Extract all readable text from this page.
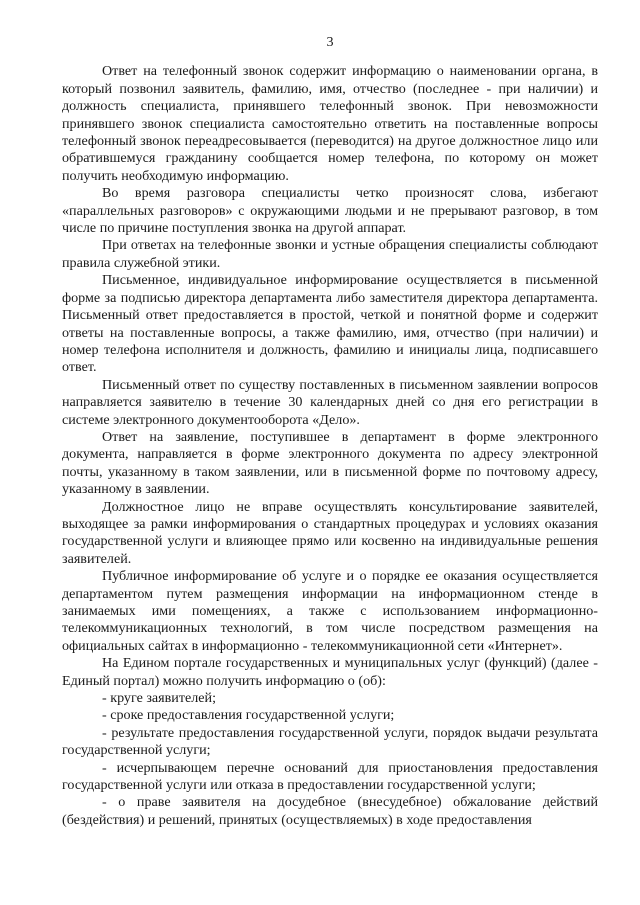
3

Ответ на телефонный звонок содержит информацию о наименовании органа, в который позвонил заявитель, фамилию, имя, отчество (последнее - при наличии) и должность специалиста, принявшего телефонный звонок. При невозможности принявшего звонок специалиста самостоятельно ответить на поставленные вопросы телефонный звонок переадресовывается (переводится) на другое должностное лицо или обратившемуся гражданину сообщается номер телефона, по которому он может получить необходимую информацию.

Во время разговора специалисты четко произносят слова, избегают «параллельных разговоров» с окружающими людьми и не прерывают разговор, в том числе по причине поступления звонка на другой аппарат.

При ответах на телефонные звонки и устные обращения специалисты соблюдают правила служебной этики.

Письменное, индивидуальное информирование осуществляется в письменной форме за подписью директора департамента либо заместителя директора департамента. Письменный ответ предоставляется в простой, четкой и понятной форме и содержит ответы на поставленные вопросы, а также фамилию, имя, отчество (при наличии) и номер телефона исполнителя и должность, фамилию и инициалы лица, подписавшего ответ.

Письменный ответ по существу поставленных в письменном заявлении вопросов направляется заявителю в течение 30 календарных дней со дня его регистрации в системе электронного документооборота «Дело».

Ответ на заявление, поступившее в департамент в форме электронного документа, направляется в форме электронного документа по адресу электронной почты, указанному в таком заявлении, или в письменной форме по почтовому адресу, указанному в заявлении.

Должностное лицо не вправе осуществлять консультирование заявителей, выходящее за рамки информирования о стандартных процедурах и условиях оказания государственной услуги и влияющее прямо или косвенно на индивидуальные решения заявителей.

Публичное информирование об услуге и о порядке ее оказания осуществляется департаментом путем размещения информации на информационном стенде в занимаемых ими помещениях, а также с использованием информационно-телекоммуникационных технологий, в том числе посредством размещения на официальных сайтах в информационно - телекоммуникационной сети «Интернет».

На Едином портале государственных и муниципальных услуг (функций) (далее - Единый портал) можно получить информацию о (об):

- круге заявителей;

- сроке предоставления государственной услуги;

- результате предоставления государственной услуги, порядок выдачи результата государственной услуги;

- исчерпывающем перечне оснований для приостановления предоставления государственной услуги или отказа в предоставлении государственной услуги;

- о праве заявителя на досудебное (внесудебное) обжалование действий (бездействия) и решений, принятых (осуществляемых) в ходе предоставления
